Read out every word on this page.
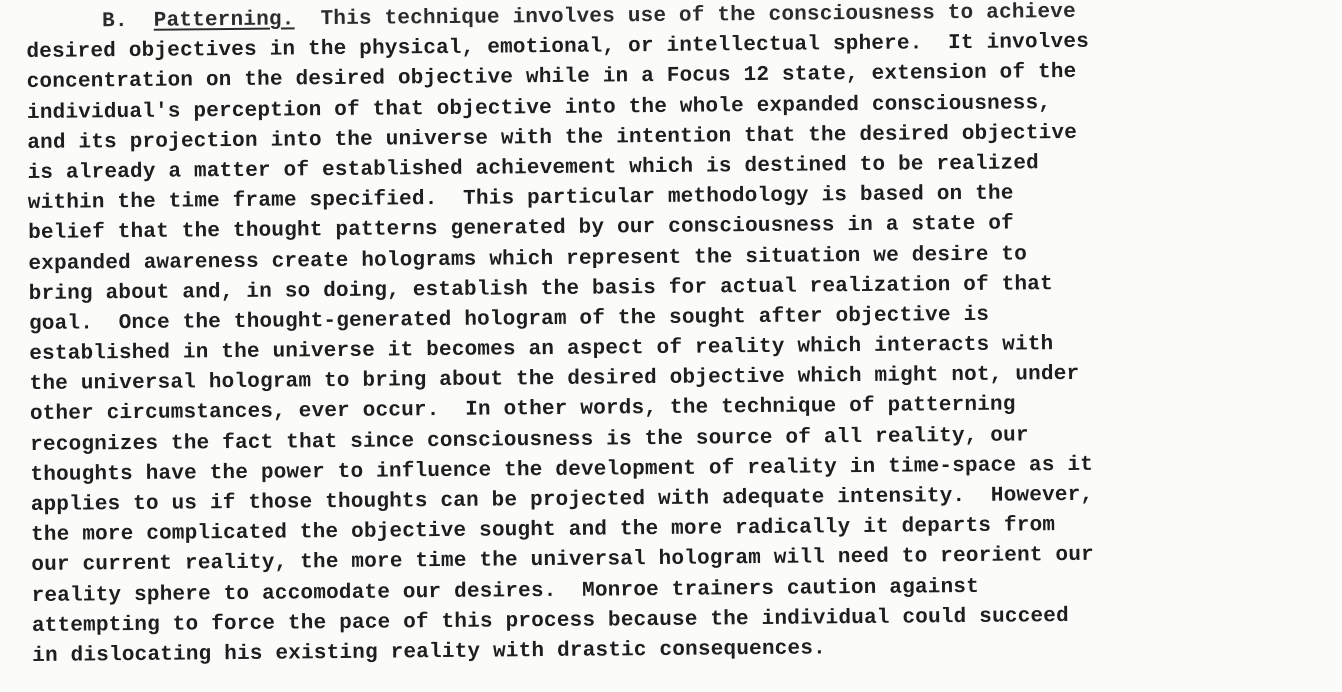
B. Patterning. This technique involves use of the consciousness to achieve
desired objectives in the physical, emotional, or intellectual sphere.  It involves
concentration on the desired objective while in a Focus 12 state, extension of the
individual's perception of that objective into the whole expanded consciousness,
and its projection into the universe with the intention that the desired objective
is already a matter of established achievement which is destined to be realized
within the time frame specified.  This particular methodology is based on the
belief that the thought patterns generated by our consciousness in a state of
expanded awareness create holograms which represent the situation we desire to
bring about and, in so doing, establish the basis for actual realization of that
goal.  Once the thought-generated hologram of the sought after objective is
established in the universe it becomes an aspect of reality which interacts with
the universal hologram to bring about the desired objective which might not, under
other circumstances, ever occur.  In other words, the technique of patterning
recognizes the fact that since consciousness is the source of all reality, our
thoughts have the power to influence the development of reality in time-space as it
applies to us if those thoughts can be projected with adequate intensity.  However,
the more complicated the objective sought and the more radically it departs from
our current reality, the more time the universal hologram will need to reorient our
reality sphere to accomodate our desires.  Monroe trainers caution against
attempting to force the pace of this process because the individual could succeed
in dislocating his existing reality with drastic consequences.
